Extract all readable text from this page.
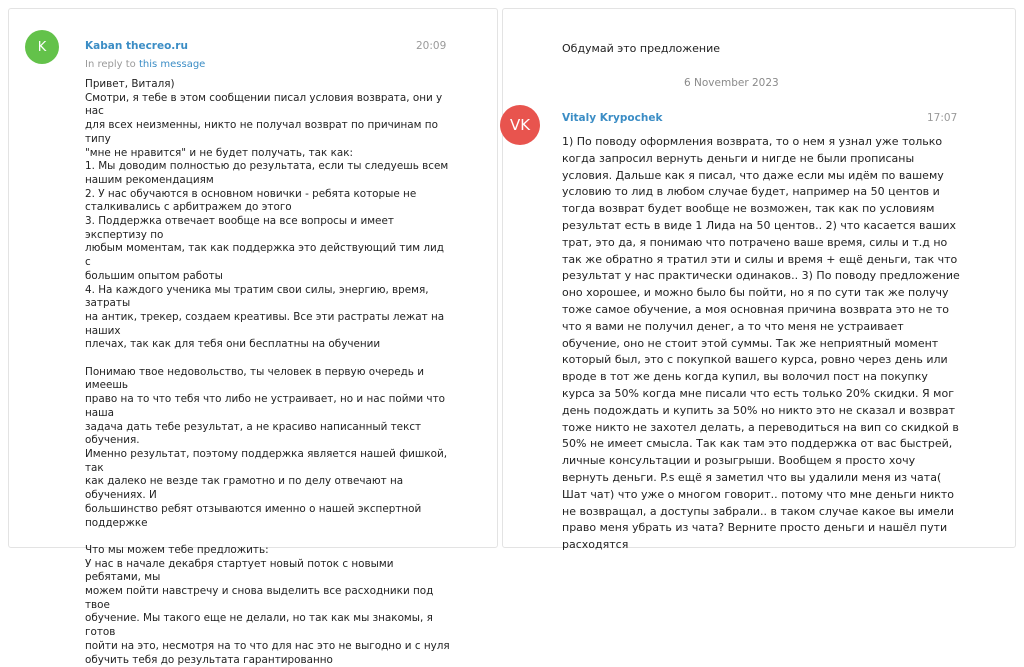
K	Kaban thecreo.ru	20:09
In reply to this message
Привет, Виталя)
Смотри, я тебе в этом сообщении писал условия возврата, они у нас
для всех неизменны, никто не получал возврат по причинам по типу
"мне не нравится" и не будет получать, так как:
1. Мы доводим полностью до результата, если ты следуешь всем
нашим рекомендациям
2. У нас обучаются в основном новички - ребята которые не
сталкивались с арбитражем до этого
3. Поддержка отвечает вообще на все вопросы и имеет экспертизу по
любым моментам, так как поддержка это действующий тим лид с
большим опытом работы
4. На каждого ученика мы тратим свои силы, энергию, время, затраты
на антик, трекер, создаем креативы. Все эти растраты лежат на наших
плечах, так как для тебя они бесплатны на обучении

Понимаю твое недовольство, ты человек в первую очередь и имеешь
право на то что тебя что либо не устраивает, но и нас пойми что наша
задача дать тебе результат, а не красиво написанный текст обучения.
Именно результат, поэтому поддержка является нашей фишкой, так
как далеко не везде так грамотно и по делу отвечают на обучениях. И
большинство ребят отзываются именно о нашей экспертной
поддержке

Что мы можем тебе предложить:
У нас в начале декабря стартует новый поток с новыми ребятами, мы
можем пойти навстречу и снова выделить все расходники под твое
обучение. Мы такого еще не делали, но так как мы знакомы, я готов
пойти на это, несмотря на то что для нас это не выгодно и с нуля
обучить тебя до результата гарантированно
Обдумай это предложение
6 November 2023
VK	Vitaly Krypochek	17:07
1) По поводу оформления возврата, то о нем я узнал уже только когда запросил вернуть деньги и нигде не были прописаны условия. Дальше как я писал, что даже если мы идём по вашему условию то лид в любом случае будет, например на 50 центов и тогда возврат будет вообще не возможен, так как по условиям результат есть в виде 1 Лида на 50 центов.. 2) что касается ваших трат, это да, я понимаю что потрачено ваше время, силы и т.д но так же обратно я тратил эти и силы и время + ещё деньги, так что результат у нас практически одинаков.. 3) По поводу предложение оно хорошее, и можно было бы пойти, но я по сути так же получу тоже самое обучение, а моя основная причина возврата это не то что я вами не получил денег, а то что меня не устраивает обучение, оно не стоит этой суммы. Так же неприятный момент который был, это с покупкой вашего курса, ровно через день или вроде в тот же день когда купил, вы волочил пост на покупку курса за 50% когда мне писали что есть только 20% скидки. Я мог день подождать и купить за 50% но никто это не сказал и возврат тоже никто не захотел делать, а переводиться на вип со скидкой в 50% не имеет смысла. Так как там это поддержка от вас быстрей, личные консультации и розыгрыши. Вообщем я просто хочу вернуть деньги. P.s ещё я заметил что вы удалили меня из чата( Шат чат) что уже о многом говорит.. потому что мне деньги никто не возвращал, а доступы забрали.. в таком случае какое вы имели право меня убрать из чата? Верните просто деньги и нашёл пути расходятся
